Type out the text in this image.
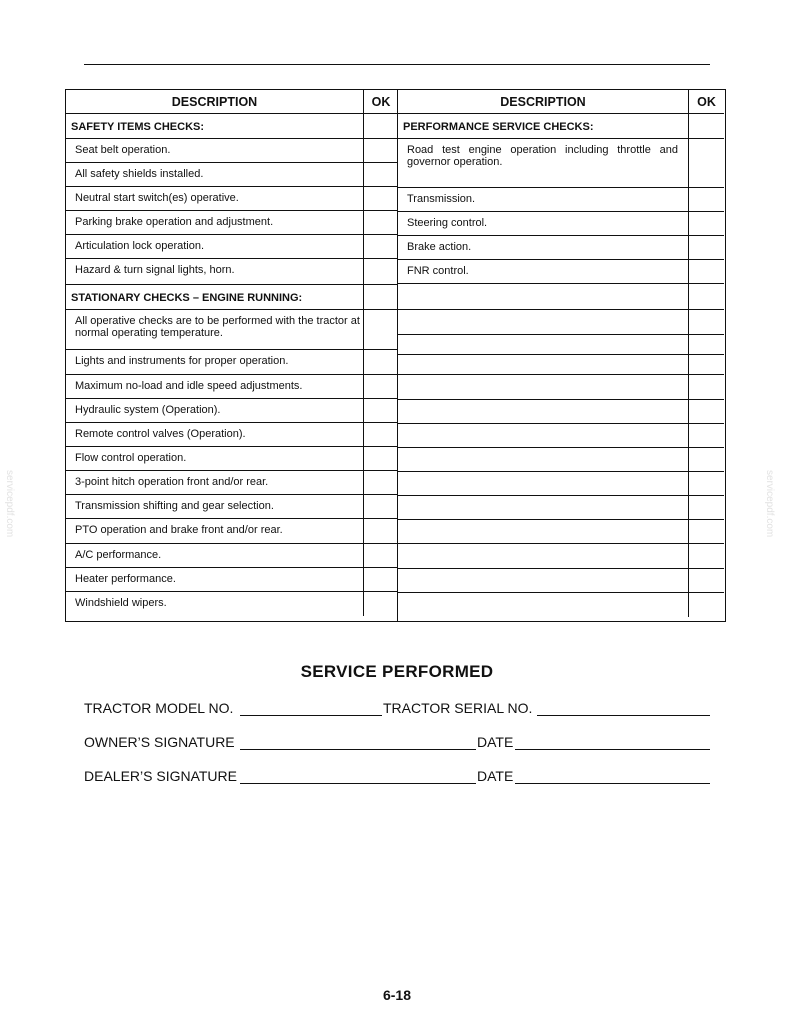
DESCRIPTION	OK
SAFETY ITEMS CHECKS:
Seat belt operation.
All safety shields installed.
Neutral start switch(es) operative.
Parking brake operation and adjustment.
Articulation lock operation.
Hazard & turn signal lights, horn.
STATIONARY CHECKS – ENGINE RUNNING:
All operative checks are to be performed with the tractor at normal operating temperature.
Lights and instruments for proper operation.
Maximum no-load and idle speed adjustments.
Hydraulic system (Operation).
Remote control valves (Operation).
Flow control operation.
3-point hitch operation front and/or rear.
Transmission shifting and gear selection.
PTO operation and brake front and/or rear.
A/C performance.
Heater performance.
Windshield wipers.
DESCRIPTION	OK
PERFORMANCE SERVICE CHECKS:
Road test engine operation including throttle and governor operation.
Transmission.
Steering control.
Brake action.
FNR control.
SERVICE PERFORMED
TRACTOR MODEL NO.	TRACTOR SERIAL NO.
OWNER’S SIGNATURE	DATE
DEALER’S SIGNATURE	DATE
servicepdf.com	servicepdf.com
6-18
